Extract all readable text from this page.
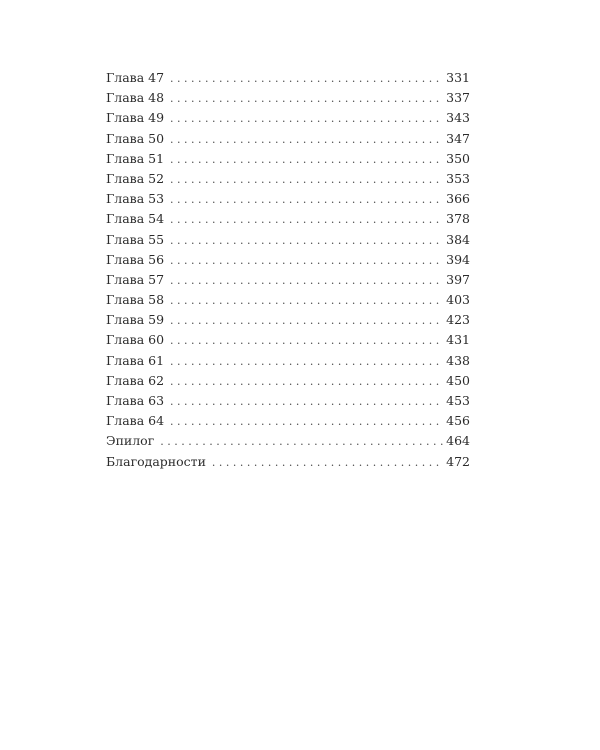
Глава 47 . . .	331
Глава 48 . . .	337
Глава 49 . . .	343
Глава 50 . . .	347
Глава 51 . . .	350
Глава 52 . . .	353
Глава 53 . . .	366
Глава 54 . . .	378
Глава 55 . . .	384
Глава 56 . . .	394
Глава 57 . . .	397
Глава 58 . . .	403
Глава 59 . . .	423
Глава 60 . . .	431
Глава 61 . . .	438
Глава 62 . . .	450
Глава 63 . . .	453
Глава 64 . . .	456
Эпилог . . .	464
Благодарности . . .	472
